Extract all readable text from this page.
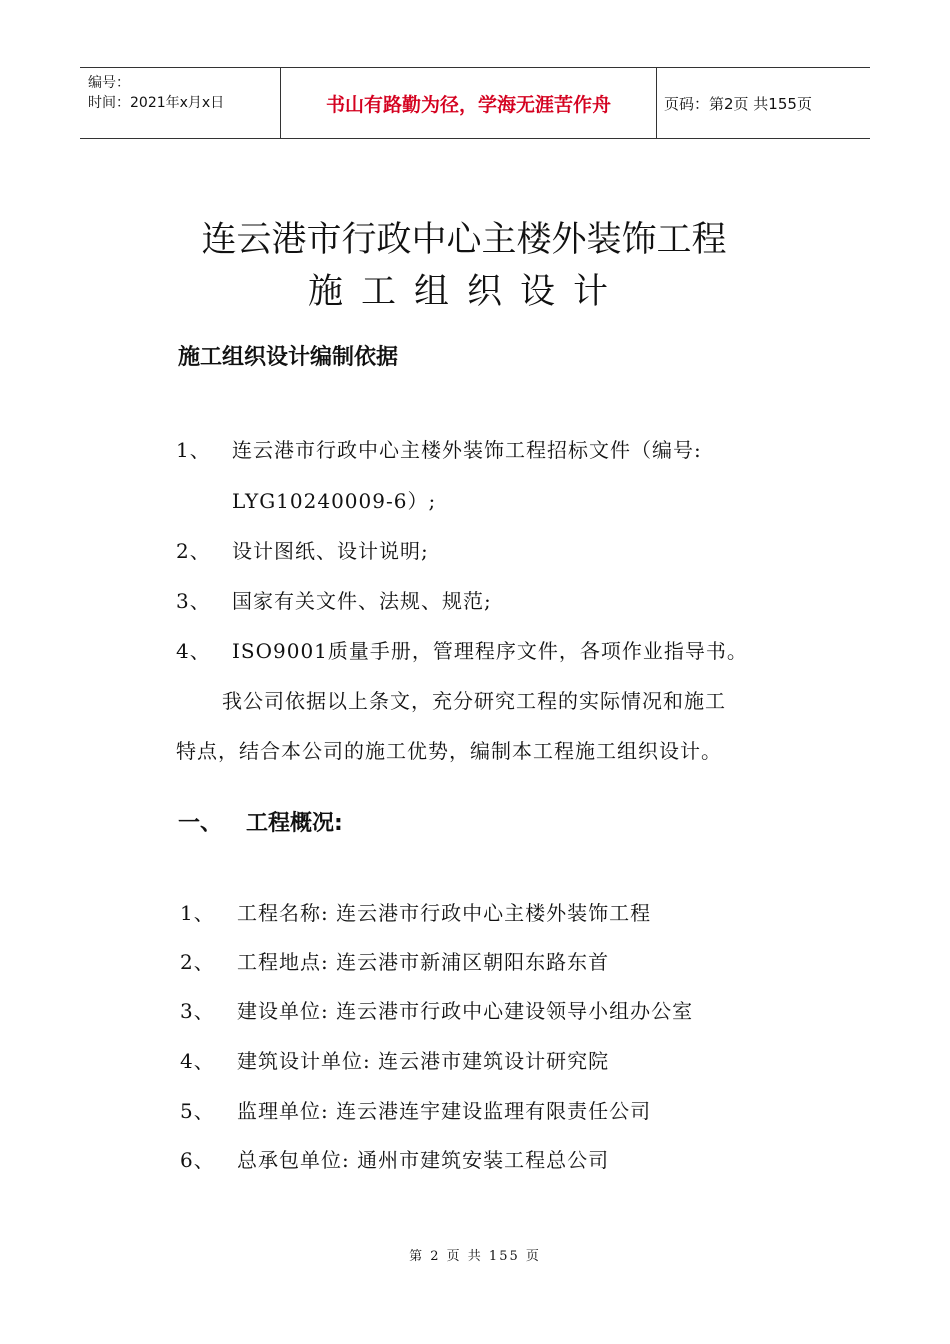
编号：
时间：2021年x月x日	书山有路勤为径，学海无涯苦作舟	页码：第2页 共155页
连云港市行政中心主楼外装饰工程
施工组织设计
施工组织设计编制依据
1、 连云港市行政中心主楼外装饰工程招标文件（编号:
LYG10240009-6）;
2、 设计图纸、设计说明;
3、 国家有关文件、法规、规范;
4、 ISO9001质量手册，管理程序文件，各项作业指导书。
我公司依据以上条文，充分研究工程的实际情况和施工
特点，结合本公司的施工优势，编制本工程施工组织设计。
一、 工程概况:
1、 工程名称: 连云港市行政中心主楼外装饰工程
2、 工程地点: 连云港市新浦区朝阳东路东首
3、 建设单位: 连云港市行政中心建设领导小组办公室
4、 建筑设计单位: 连云港市建筑设计研究院
5、 监理单位: 连云港连宇建设监理有限责任公司
6、 总承包单位: 通州市建筑安装工程总公司
第 2 页 共 155 页
